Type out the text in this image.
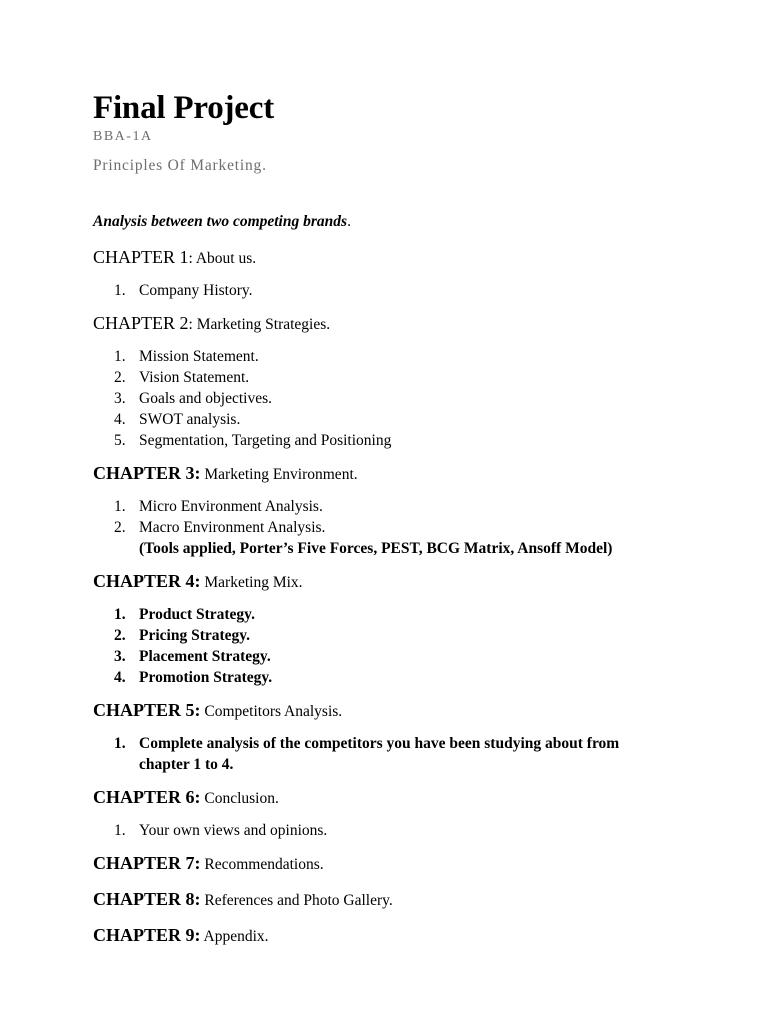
Final Project

BBA-1A

Principles Of Marketing.

Analysis between two competing brands.

CHAPTER 1: About us.

1. Company History.

CHAPTER 2: Marketing Strategies.

1. Mission Statement.
2. Vision Statement.
3. Goals and objectives.
4. SWOT analysis.
5. Segmentation, Targeting and Positioning

CHAPTER 3: Marketing Environment.

1. Micro Environment Analysis.
2. Macro Environment Analysis.
(Tools applied, Porter’s Five Forces, PEST, BCG Matrix, Ansoff Model)

CHAPTER 4: Marketing Mix.

1. Product Strategy.
2. Pricing Strategy.
3. Placement Strategy.
4. Promotion Strategy.

CHAPTER 5: Competitors Analysis.

1. Complete analysis of the competitors you have been studying about from chapter 1 to 4.

CHAPTER 6: Conclusion.

1. Your own views and opinions.

CHAPTER 7: Recommendations.

CHAPTER 8: References and Photo Gallery.

CHAPTER 9: Appendix.
